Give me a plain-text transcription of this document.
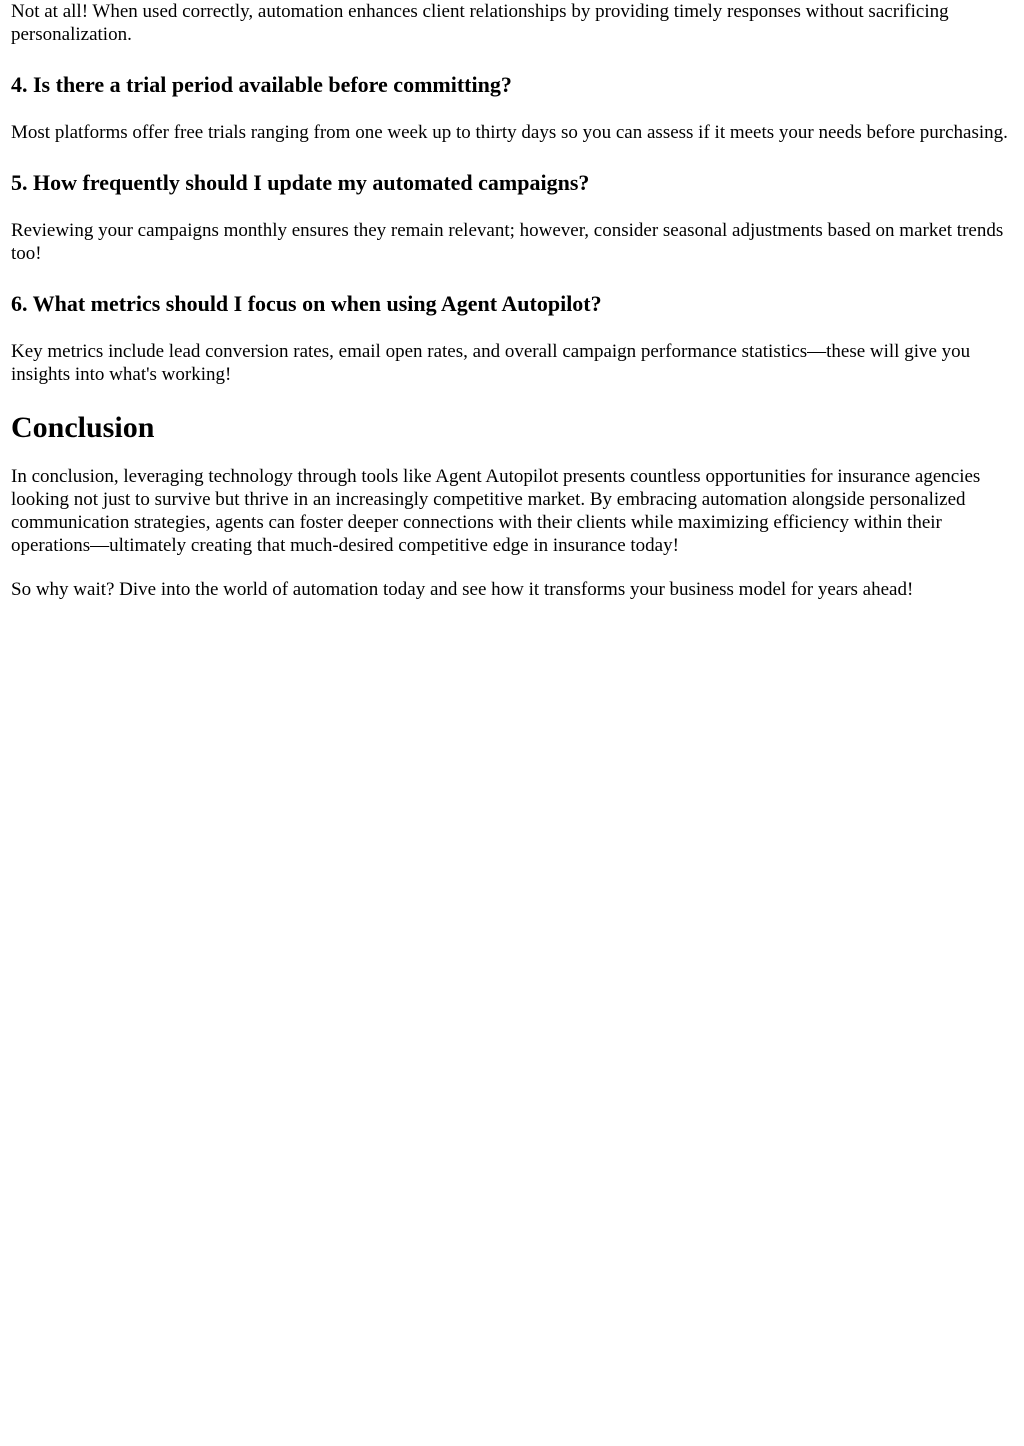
Not at all! When used correctly, automation enhances client relationships by providing timely responses without sacrificing personalization.

4. Is there a trial period available before committing?

Most platforms offer free trials ranging from one week up to thirty days so you can assess if it meets your needs before purchasing.

5. How frequently should I update my automated campaigns?

Reviewing your campaigns monthly ensures they remain relevant; however, consider seasonal adjustments based on market trends too!

6. What metrics should I focus on when using Agent Autopilot?

Key metrics include lead conversion rates, email open rates, and overall campaign performance statistics—these will give you insights into what's working!

Conclusion

In conclusion, leveraging technology through tools like Agent Autopilot presents countless opportunities for insurance agencies looking not just to survive but thrive in an increasingly competitive market. By embracing automation alongside personalized communication strategies, agents can foster deeper connections with their clients while maximizing efficiency within their operations—ultimately creating that much-desired competitive edge in insurance today!

So why wait? Dive into the world of automation today and see how it transforms your business model for years ahead!
